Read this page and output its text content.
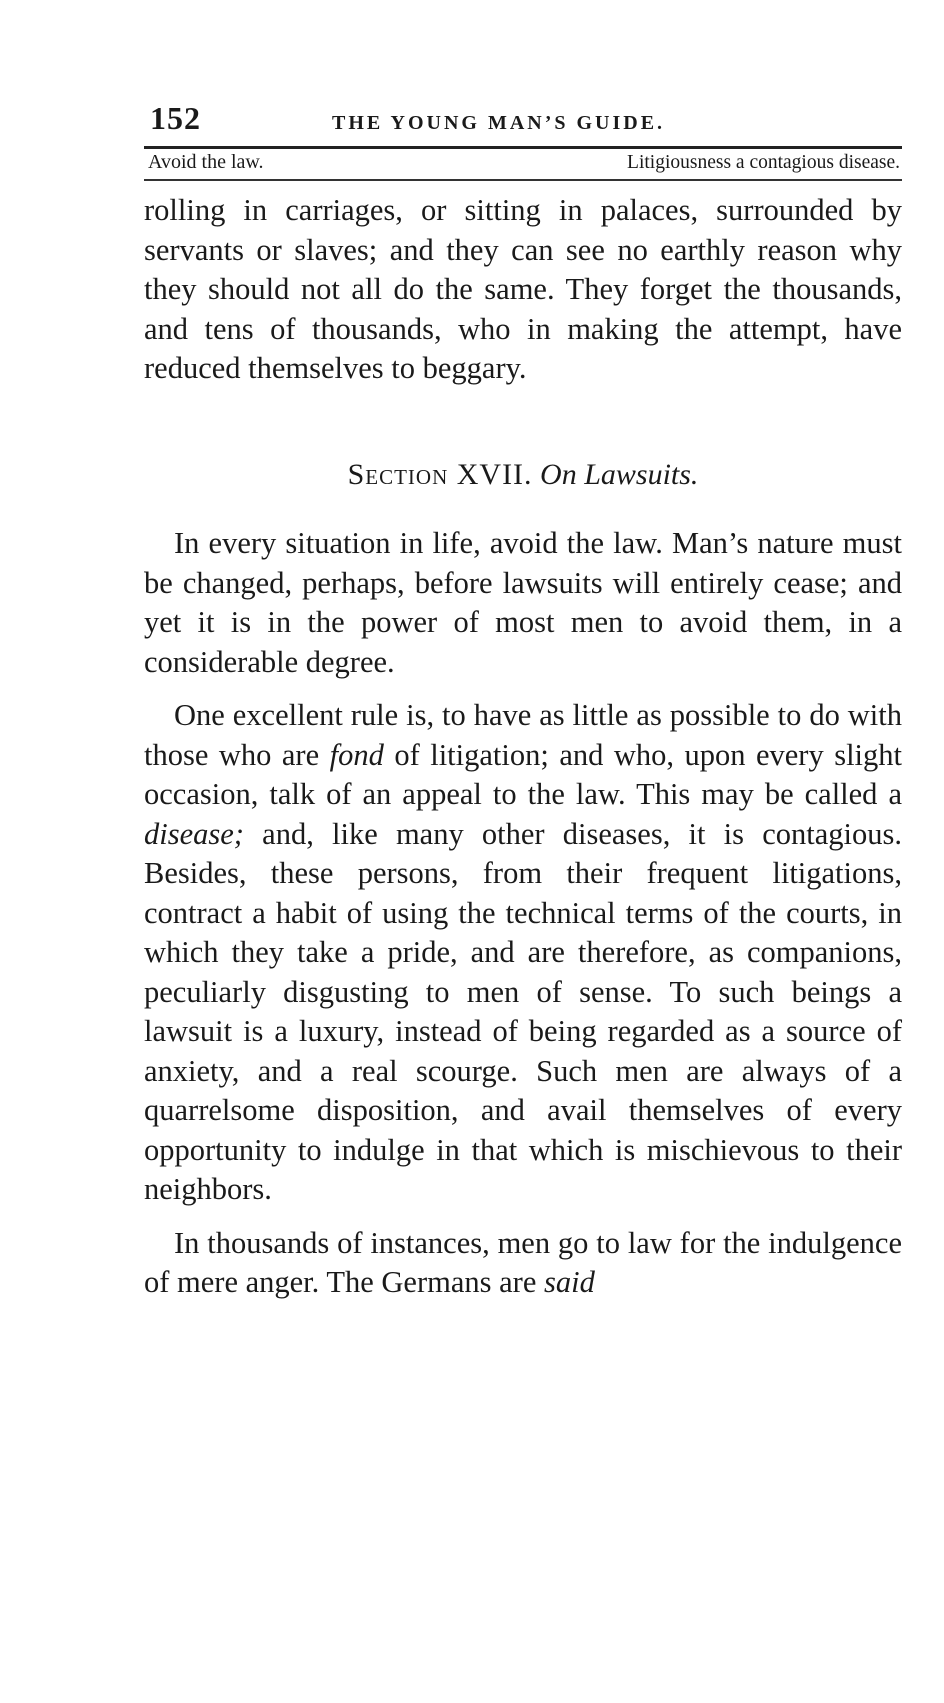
152	THE YOUNG MAN’S GUIDE.
Avoid the law.	Litigiousness a contagious disease.

rolling in carriages, or sitting in palaces, surrounded by servants or slaves; and they can see no earthly reason why they should not all do the same. They forget the thousands, and tens of thousands, who in making the attempt, have reduced themselves to beggary.

Section XVII. On Lawsuits.

In every situation in life, avoid the law. Man’s nature must be changed, perhaps, before lawsuits will entirely cease; and yet it is in the power of most men to avoid them, in a considerable degree.

One excellent rule is, to have as little as possible to do with those who are fond of litigation; and who, upon every slight occasion, talk of an appeal to the law. This may be called a disease; and, like many other diseases, it is contagious. Besides, these persons, from their frequent litigations, contract a habit of using the technical terms of the courts, in which they take a pride, and are therefore, as companions, peculiarly disgusting to men of sense. To such beings a lawsuit is a luxury, instead of being regarded as a source of anxiety, and a real scourge. Such men are always of a quarrelsome disposition, and avail themselves of every opportunity to indulge in that which is mischievous to their neighbors.

In thousands of instances, men go to law for the indulgence of mere anger. The Germans are said
